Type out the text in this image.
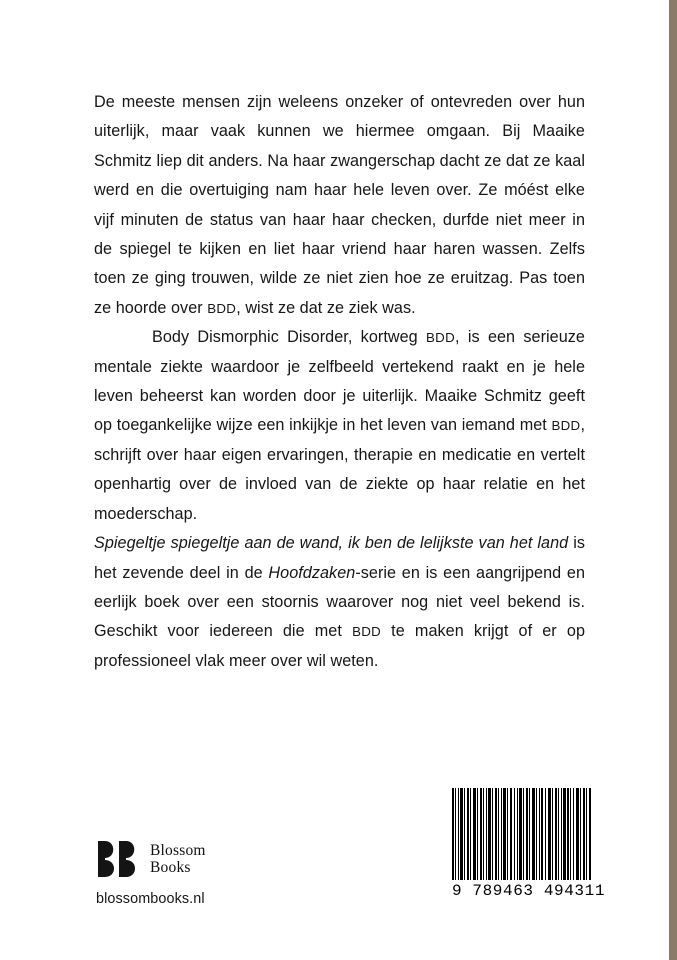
De meeste mensen zijn weleens onzeker of ontevreden over hun uiterlijk, maar vaak kunnen we hiermee omgaan. Bij Maaike Schmitz liep dit anders. Na haar zwangerschap dacht ze dat ze kaal werd en die overtuiging nam haar hele leven over. Ze móést elke vijf minuten de status van haar haar checken, durfde niet meer in de spiegel te kijken en liet haar vriend haar haren wassen. Zelfs toen ze ging trouwen, wilde ze niet zien hoe ze eruitzag. Pas toen ze hoorde over BDD, wist ze dat ze ziek was.

Body Dismorphic Disorder, kortweg BDD, is een serieuze mentale ziekte waardoor je zelfbeeld vertekend raakt en je hele leven beheerst kan worden door je uiterlijk. Maaike Schmitz geeft op toegankelijke wijze een inkijkje in het leven van iemand met BDD, schrijft over haar eigen ervaringen, therapie en medicatie en vertelt openhartig over de invloed van de ziekte op haar relatie en het moederschap.

Spiegeltje spiegeltje aan de wand, ik ben de lelijkste van het land is het zevende deel in de Hoofdzaken-serie en is een aangrijpend en eerlijk boek over een stoornis waarover nog niet veel bekend is. Geschikt voor iedereen die met BDD te maken krijgt of er op professioneel vlak meer over wil weten.

Blossom
Books
blossombooks.nl	9 789463 494311
